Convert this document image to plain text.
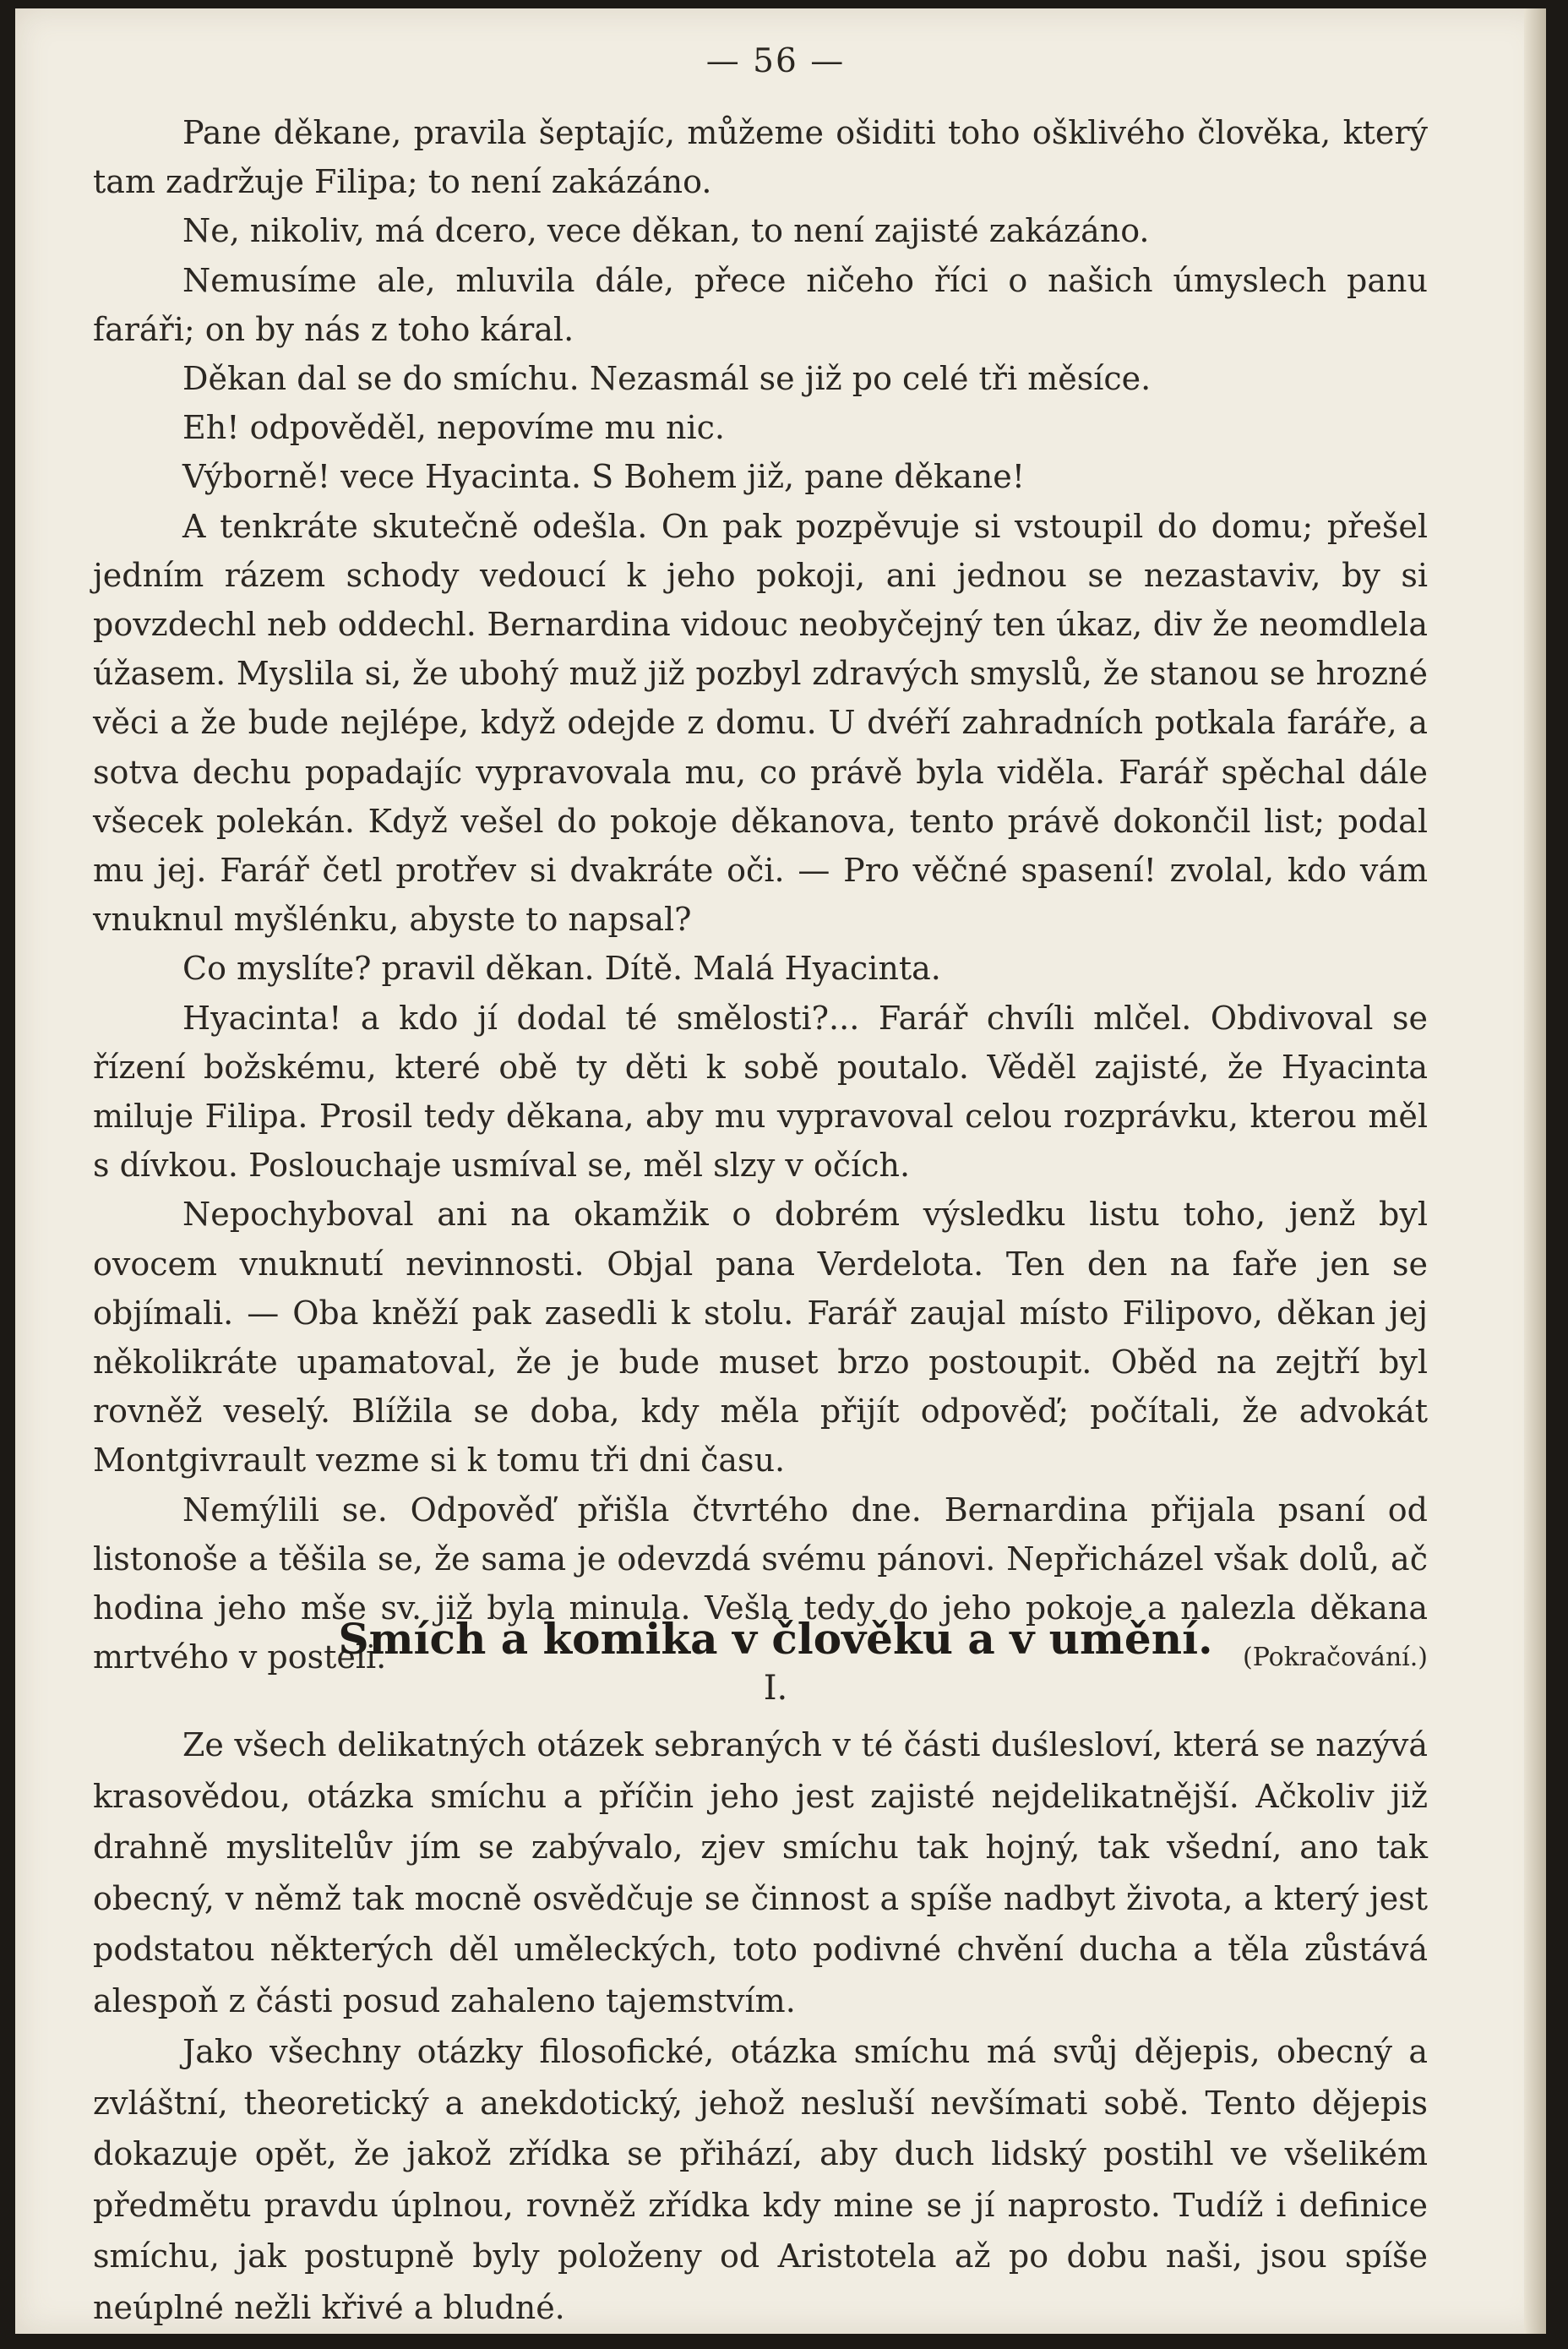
— 56 —

Pane děkane, pravila šeptajíc, můžeme ošiditi toho ošklivého člověka, který tam zadržuje Filipa; to není zakázáno.

Ne, nikoliv, má dcero, vece děkan, to není zajisté zakázáno.

Nemusíme ale, mluvila dále, přece ničeho říci o našich úmyslech panu faráři; on by nás z toho káral.

Děkan dal se do smíchu. Nezasmál se již po celé tři měsíce.

Eh! odpověděl, nepovíme mu nic.

Výborně! vece Hyacinta. S Bohem již, pane děkane!

A tenkráte skutečně odešla. On pak pozpěvuje si vstoupil do domu; přešel jedním rázem schody vedoucí k jeho pokoji, ani jednou se nezastaviv, by si povzdechl neb oddechl. Bernardina vidouc neobyčejný ten úkaz, div že neomdlela úžasem. Myslila si, že ubohý muž již pozbyl zdravých smyslů, že stanou se hrozné věci a že bude nejlépe, když odejde z domu. U dvéří zahradních potkala faráře, a sotva dechu popadajíc vypravovala mu, co právě byla viděla. Farář spěchal dále všecek polekán. Když vešel do pokoje děkanova, tento právě dokončil list; podal mu jej. Farář četl protřev si dvakráte oči. — Pro věčné spasení! zvolal, kdo vám vnuknul myšlénku, abyste to napsal?

Co myslíte? pravil děkan. Dítě. Malá Hyacinta.

Hyacinta! a kdo jí dodal té smělosti?... Farář chvíli mlčel. Obdivoval se řízení božskému, které obě ty děti k sobě poutalo. Věděl zajisté, že Hyacinta miluje Filipa. Prosil tedy děkana, aby mu vypravoval celou rozprávku, kterou měl s dívkou. Poslouchaje usmíval se, měl slzy v očích.

Nepochyboval ani na okamžik o dobrém výsledku listu toho, jenž byl ovocem vnuknutí nevinnosti. Objal pana Verdelota. Ten den na faře jen se objímali. — Oba kněží pak zasedli k stolu. Farář zaujal místo Filipovo, děkan jej několikráte upamatoval, že je bude muset brzo postoupit. Oběd na zejtří byl rovněž veselý. Blížila se doba, kdy měla přijít odpověď; počítali, že advokát Montgivrault vezme si k tomu tři dni času.

Nemýlili se. Odpověď přišla čtvrtého dne. Bernardina přijala psaní od listonoše a těšila se, že sama je odevzdá svému pánovi. Nepřicházel však dolů, ač hodina jeho mše sv. již byla minula. Vešla tedy do jeho pokoje a nalezla děkana mrtvého v posteli.	(Pokračování.)

Smích a komika v člověku a v umění.
I.

Ze všech delikatných otázek sebraných v té části duślesloví, která se nazývá krasovědou, otázka smíchu a příčin jeho jest zajisté nejdelikatnější. Ačkoliv již drahně myslitelův jím se zabývalo, zjev smíchu tak hojný, tak všední, ano tak obecný, v němž tak mocně osvědčuje se činnost a spíše nadbyt života, a který jest podstatou některých děl uměleckých, toto podivné chvění ducha a těla zůstává alespoň z části posud zahaleno tajemstvím.

Jako všechny otázky filosofické, otázka smíchu má svůj dějepis, obecný a zvláštní, theoretický a anekdotický, jehož nesluší nevšímati sobě. Tento dějepis dokazuje opět, že jakož zřídka se přihází, aby duch lidský postihl ve všelikém předmětu pravdu úplnou, rovněž zřídka kdy mine se jí naprosto. Tudíž i definice smíchu, jak postupně byly položeny od Aristotela až po dobu naši, jsou spíše neúplné nežli křivé a bludné.
